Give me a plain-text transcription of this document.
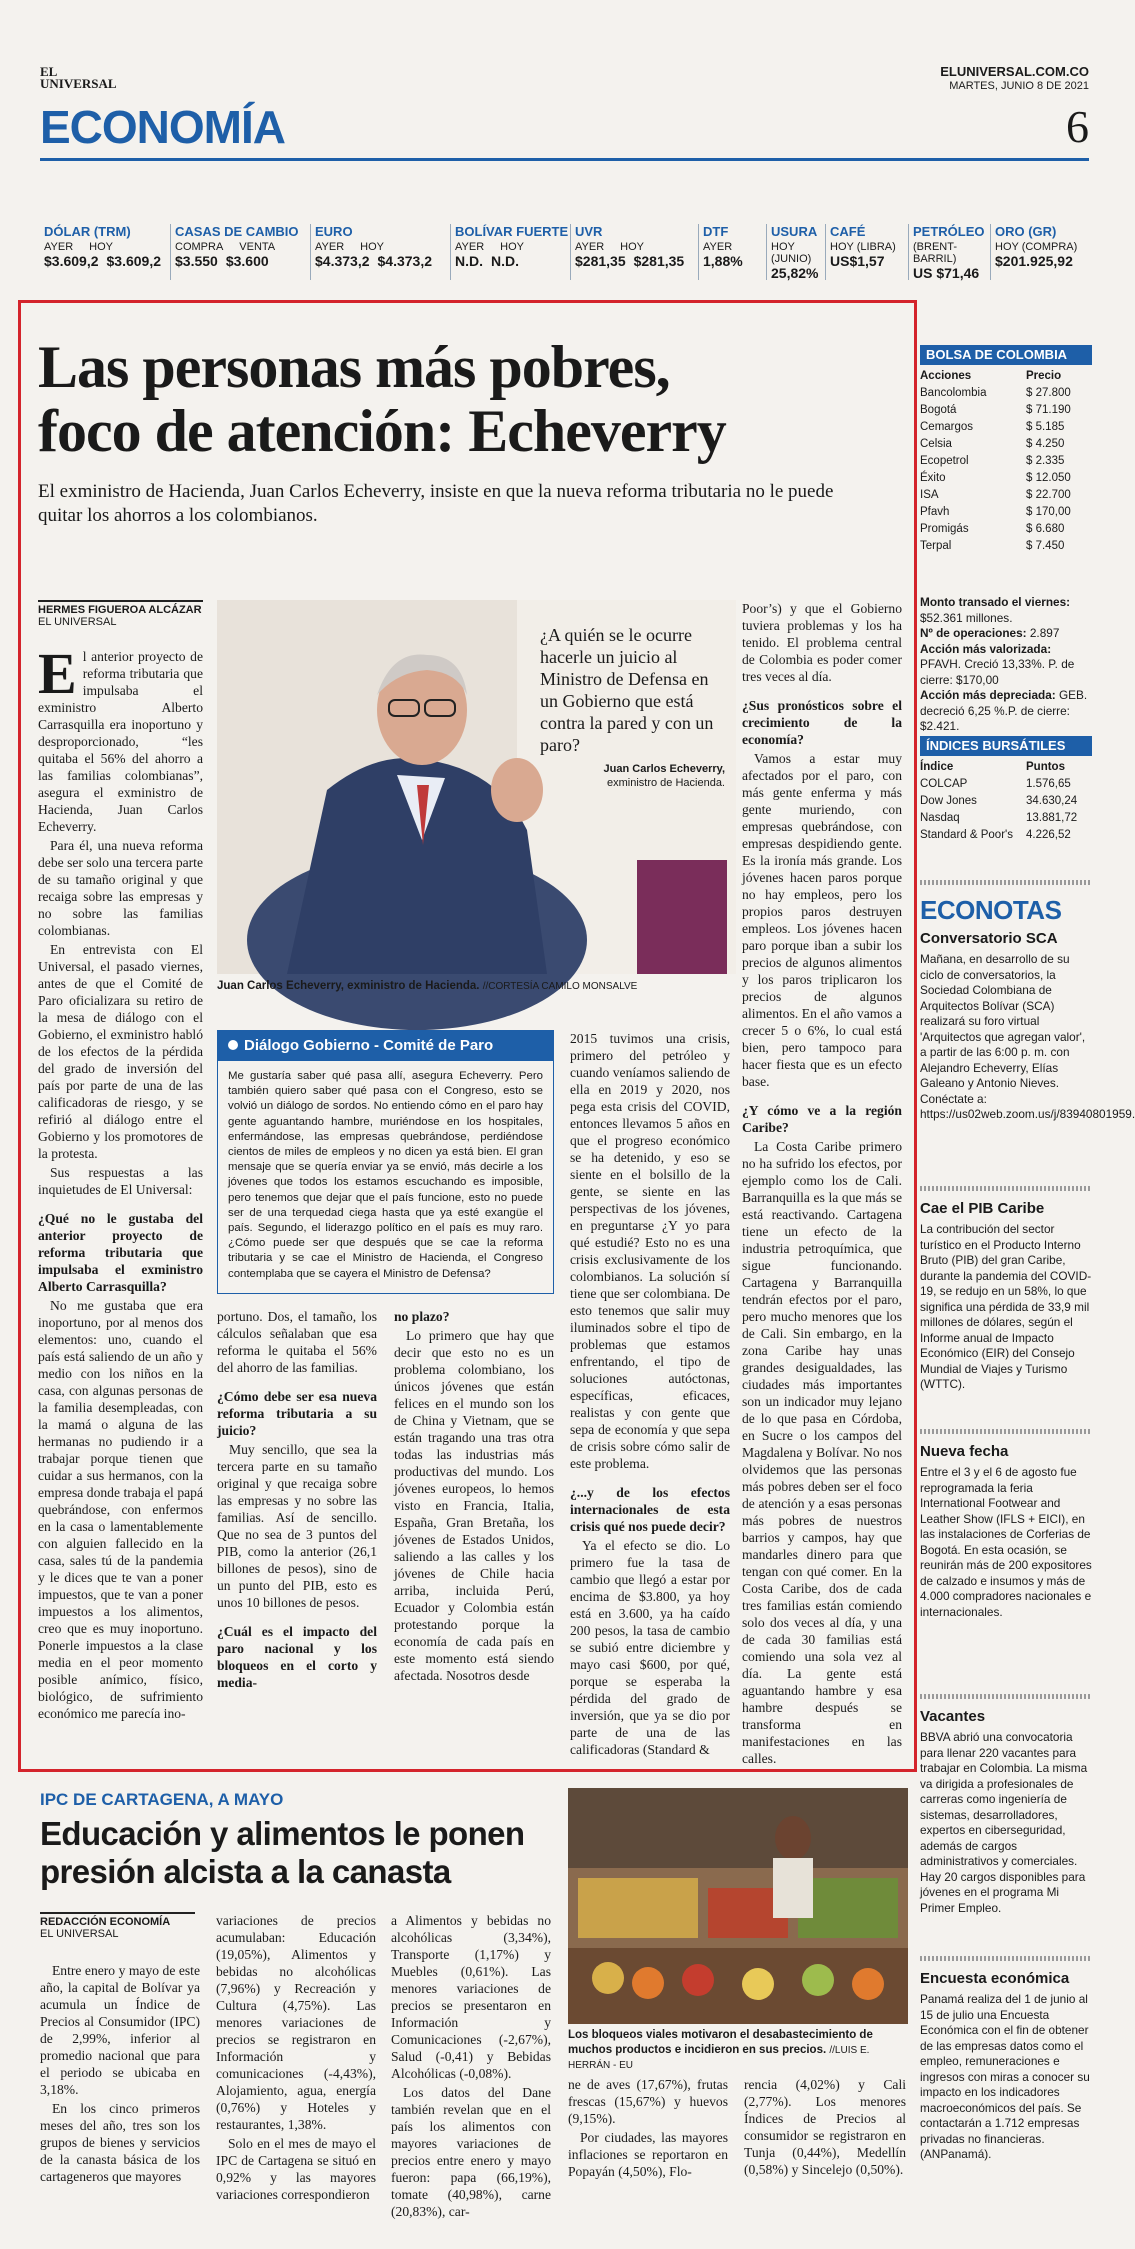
EL UNIVERSAL
ECONOMÍA
ELUNIVERSAL.COM.CO
MARTES, JUNIO 8 DE 2021
6
DÓLAR (TRM)
AYER HOY
$3.609,2 $3.609,2
CASAS DE CAMBIO
COMPRA VENTA
$3.550 $3.600
EURO
AYER HOY
$4.373,2 $4.373,2
BOLÍVAR FUERTE
AYER HOY
N.D. N.D.
UVR
AYER HOY
$281,35 $281,35
DTF
AYER
1,88%
USURA
HOY (JUNIO)
25,82%
CAFÉ
HOY (LIBRA)
US$1,57
PETRÓLEO
(BRENT-BARRIL)
US $71,46
ORO (GR)
HOY (COMPRA)
$201.925,92
Las personas más pobres,
foco de atención: Echeverry
El exministro de Hacienda, Juan Carlos Echeverry, insiste en que la nueva reforma tributaria no le puede quitar los ahorros a los colombianos.
HERMES FIGUEROA ALCÁZAR
EL UNIVERSAL
¿A quién se le ocurre hacerle un juicio al Ministro de Defensa en un Gobierno que está contra la pared y con un paro?
Juan Carlos Echeverry,
exministro de Hacienda.
Juan Carlos Echeverry, exministro de Hacienda. //CORTESÍA CAMILO MONSALVE

El anterior proyecto de reforma tributaria que impulsaba el exministro Alberto Carrasquilla era inoportuno y desproporcionado, “les quitaba el 56% del ahorro a las familias colombianas”, asegura el exministro de Hacienda, Juan Carlos Echeverry.

Para él, una nueva reforma debe ser solo una tercera parte de su tamaño original y que recaiga sobre las empresas y no sobre las familias colombianas.

En entrevista con El Universal, el pasado viernes, antes de que el Comité de Paro oficializara su retiro de la mesa de diálogo con el Gobierno, el exministro habló de los efectos de la pérdida del grado de inversión del país por parte de una de las calificadoras de riesgo, y se refirió al diálogo entre el Gobierno y los promotores de la protesta.

Sus respuestas a las inquietudes de El Universal:

¿Qué no le gustaba del anterior proyecto de reforma tributaria que impulsaba el exministro Alberto Carrasquilla?

No me gustaba que era inoportuno, por al menos dos elementos: uno, cuando el país está saliendo de un año y medio con los niños en la casa, con algunas personas de la familia desempleadas, con la mamá o alguna de las hermanas no pudiendo ir a trabajar porque tienen que cuidar a sus hermanos, con la empresa donde trabaja el papá quebrándose, con enfermos en la casa o lamentablemente con alguien fallecido en la casa, sales tú de la pandemia y le dices que te van a poner impuestos, que te van a poner impuestos a los alimentos, creo que es muy inoportuno. Ponerle impuestos a la clase media en el peor momento posible anímico, físico, biológico, de sufrimiento económico me parecía ino-

Diálogo Gobierno - Comité de Paro
Me gustaría saber qué pasa allí, asegura Echeverry. Pero también quiero saber qué pasa con el Congreso, esto se volvió un diálogo de sordos. No entiendo cómo en el paro hay gente aguantando hambre, muriéndose en los hospitales, enfermándose, las empresas quebrándose, perdiéndose cientos de miles de empleos y no dicen ya está bien. El gran mensaje que se quería enviar ya se envió, más decirle a los jóvenes que todos los estamos escuchando es imposible, pero tenemos que dejar que el país funcione, esto no puede ser de una terquedad ciega hasta que ya esté exangüe el país. Segundo, el liderazgo político en el país es muy raro. ¿Cómo puede ser que después que se cae la reforma tributaria y se cae el Ministro de Hacienda, el Congreso contemplaba que se cayera el Ministro de Defensa?

portuno. Dos, el tamaño, los cálculos señalaban que esa reforma le quitaba el 56% del ahorro de las familias.

¿Cómo debe ser esa nueva reforma tributaria a su juicio?

Muy sencillo, que sea la tercera parte en su tamaño original y que recaiga sobre las empresas y no sobre las familias. Así de sencillo. Que no sea de 3 puntos del PIB, como la anterior (26,1 billones de pesos), sino de un punto del PIB, esto es unos 10 billones de pesos.

¿Cuál es el impacto del paro nacional y los bloqueos en el corto y media-

no plazo?

Lo primero que hay que decir que esto no es un problema colombiano, los únicos jóvenes que están felices en el mundo son los de China y Vietnam, que se están tragando una tras otra todas las industrias más productivas del mundo. Los jóvenes europeos, lo hemos visto en Francia, Italia, España, Gran Bretaña, los jóvenes de Estados Unidos, saliendo a las calles y los jóvenes de Chile hacia arriba, incluida Perú, Ecuador y Colombia están protestando porque la economía de cada país en este momento está siendo afectada. Nosotros desde

2015 tuvimos una crisis, primero del petróleo y cuando veníamos saliendo de ella en 2019 y 2020, nos pega esta crisis del COVID, entonces llevamos 5 años en que el progreso económico se ha detenido, y eso se siente en el bolsillo de la gente, se siente en las perspectivas de los jóvenes, en preguntarse ¿Y yo para qué estudié? Esto no es una crisis exclusivamente de los colombianos. La solución sí tiene que ser colombiana. De esto tenemos que salir muy iluminados sobre el tipo de problemas que estamos enfrentando, el tipo de soluciones autóctonas, específicas, eficaces, realistas y con gente que sepa de economía y que sepa de crisis sobre cómo salir de este problema.

¿...y de los efectos internacionales de esta crisis qué nos puede decir?

Ya el efecto se dio. Lo primero fue la tasa de cambio que llegó a estar por encima de $3.800, ya hoy está en 3.600, ya ha caído 200 pesos, la tasa de cambio se subió entre diciembre y mayo casi $600, por qué, porque se esperaba la pérdida del grado de inversión, que ya se dio por parte de una de las calificadoras (Standard &

Poor’s) y que el Gobierno tuviera problemas y los ha tenido. El problema central de Colombia es poder comer tres veces al día.

¿Sus pronósticos sobre el crecimiento de la economía?

Vamos a estar muy afectados por el paro, con más gente enferma y más gente muriendo, con empresas quebrándose, con empresas despidiendo gente. Es la ironía más grande. Los jóvenes hacen paros porque no hay empleos, pero los propios paros destruyen empleos. Los jóvenes hacen paro porque iban a subir los precios de algunos alimentos y los paros triplicaron los precios de algunos alimentos. En el año vamos a crecer 5 o 6%, lo cual está bien, pero tampoco para hacer fiesta que es un efecto base.

¿Y cómo ve a la región Caribe?

La Costa Caribe primero no ha sufrido los efectos, por ejemplo como los de Cali. Barranquilla es la que más se está reactivando. Cartagena tiene un efecto de la industria petroquímica, que sigue funcionando. Cartagena y Barranquilla tendrán efectos por el paro, pero mucho menores que los de Cali. Sin embargo, en la zona Caribe hay unas grandes desigualdades, las ciudades más importantes son un indicador muy lejano de lo que pasa en Córdoba, en Sucre o los campos del Magdalena y Bolívar. No nos olvidemos que las personas más pobres deben ser el foco de atención y a esas personas más pobres de nuestros barrios y campos, hay que mandarles dinero para que tengan con qué comer. En la Costa Caribe, dos de cada tres familias están comiendo solo dos veces al día, y una de cada 30 familias está comiendo una sola vez al día. La gente está aguantando hambre y esa hambre después se transforma en manifestaciones en las calles.

IPC DE CARTAGENA, A MAYO
Educación y alimentos le ponen
presión alcista a la canasta
REDACCIÓN ECONOMÍA
EL UNIVERSAL

Entre enero y mayo de este año, la capital de Bolívar ya acumula un Índice de Precios al Consumidor (IPC) de 2,99%, inferior al promedio nacional que para el periodo se ubicaba en 3,18%.

En los cinco primeros meses del año, tres son los grupos de bienes y servicios de la canasta básica de los cartageneros que mayores

variaciones de precios acumulaban: Educación (19,05%), Alimentos y bebidas no alcohólicas (7,96%) y Recreación y Cultura (4,75%). Las menores variaciones de precios se registraron en Información y comunicaciones (-4,43%), Alojamiento, agua, energía (0,76%) y Hoteles y restaurantes, 1,38%.

Solo en el mes de mayo el IPC de Cartagena se situó en 0,92% y las mayores variaciones correspondieron

a Alimentos y bebidas no alcohólicas (3,34%), Transporte (1,17%) y Muebles (0,61%). Las menores variaciones de precios se presentaron en Información y Comunicaciones (-2,67%), Salud (-0,41) y Bebidas Alcohólicas (-0,08%).

Los datos del Dane también revelan que en el país los alimentos con mayores variaciones de precios entre enero y mayo fueron: papa (66,19%), tomate (40,98%), carne (20,83%), car-

Los bloqueos viales motivaron el desabastecimiento de muchos productos e incidieron en sus precios. //LUIS E. HERRÁN - EU

ne de aves (17,67%), frutas frescas (15,67%) y huevos (9,15%).

Por ciudades, las mayores inflaciones se reportaron en Popayán (4,50%), Flo-

rencia (4,02%) y Cali (2,77%). Los menores Índices de Precios al consumidor se registraron en Tunja (0,44%), Medellín (0,58%) y Sincelejo (0,50%).

BOLSA DE COLOMBIA
Acciones	Precio
Bancolombia	$ 27.800
Bogotá	$ 71.190
Cemargos	$ 5.185
Celsia	$ 4.250
Ecopetrol	$ 2.335
Éxito	$ 12.050
ISA	$ 22.700
Pfavh	$ 170,00
Promigás	$ 6.680
Terpal	$ 7.450
Monto transado el viernes:
$52.361 millones.
Nº de operaciones: 2.897
Acción más valorizada: PFAVH. Creció 13,33%. P. de cierre: $170,00
Acción más depreciada: GEB. decreció 6,25 %.P. de cierre: $2.421.
ÍNDICES BURSÁTILES
Índice	Puntos
COLCAP	1.576,65
Dow Jones	34.630,24
Nasdaq	13.881,72
Standard & Poor's 4.226,52
ECONOTAS
Conversatorio SCA
Mañana, en desarrollo de su ciclo de conversatorios, la Sociedad Colombiana de Arquitectos Bolívar (SCA) realizará su foro virtual 'Arquitectos que agregan valor', a partir de las 6:00 p. m. con Alejandro Echeverry, Elías Galeano y Antonio Nieves. Conéctate a: https://us02web.zoom.us/j/83940801959.
Cae el PIB Caribe
La contribución del sector turístico en el Producto Interno Bruto (PIB) del gran Caribe, durante la pandemia del COVID-19, se redujo en un 58%, lo que significa una pérdida de 33,9 mil millones de dólares, según el Informe anual de Impacto Económico (EIR) del Consejo Mundial de Viajes y Turismo (WTTC).
Nueva fecha
Entre el 3 y el 6 de agosto fue reprogramada la feria International Footwear and Leather Show (IFLS + EICI), en las instalaciones de Corferias de Bogotá. En esta ocasión, se reunirán más de 200 expositores de calzado e insumos y más de 4.000 compradores nacionales e internacionales.
Vacantes
BBVA abrió una convocatoria para llenar 220 vacantes para trabajar en Colombia. La misma va dirigida a profesionales de carreras como ingeniería de sistemas, desarrolladores, expertos en ciberseguridad, además de cargos administrativos y comerciales. Hay 20 cargos disponibles para jóvenes en el programa Mi Primer Empleo.
Encuesta económica
Panamá realiza del 1 de junio al 15 de julio una Encuesta Económica con el fin de obtener de las empresas datos como el empleo, remuneraciones e ingresos con miras a conocer su impacto en los indicadores macroeconómicos del país. Se contactarán a 1.712 empresas privadas no financieras. (ANPanamá).
